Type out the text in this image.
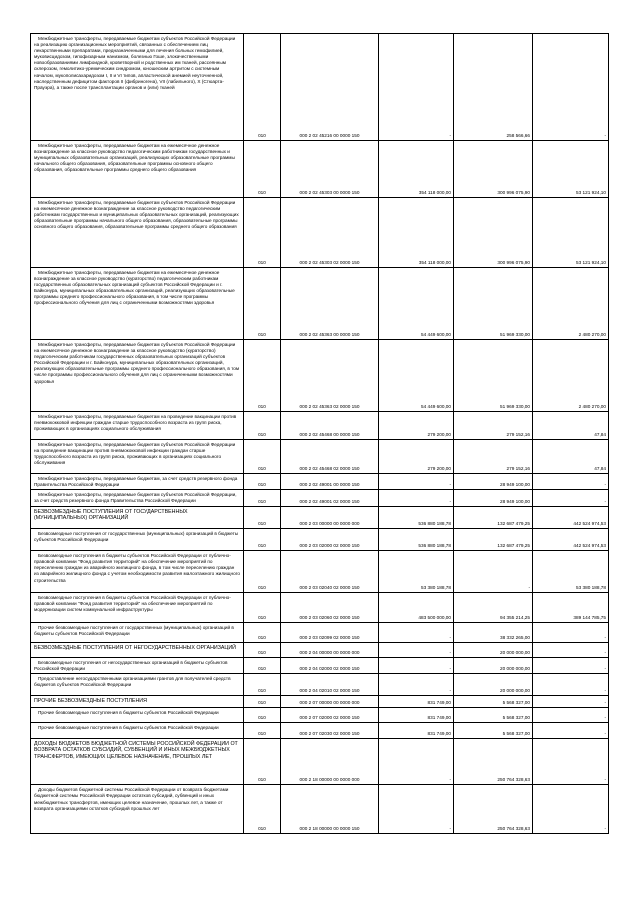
Межбюджетные трансферты, передаваемые бюджетам субъектов Российской Федерации на реализацию организационных мероприятий, связанных с обеспечением лиц лекарственными препаратами, предназначенными для лечения больных гемофилией, муковисцидозом, гипофизарным нанизмом, болезнью Гоше, злокачественными новообразованиями лимфоидной, кроветворной и родственных им тканей, рассеянным склерозом, гемолитико-уремическим синдромом, юношеским артритом с системным началом, мукополисахаридозом I, II и VI типов, апластической анемией неуточненной, наследственным дефицитом факторов II (фибриногена), VII (лабильного), X (Стюарта-Прауэра), а также после трансплантации органов и (или) тканей	010	000 2 02 45216 00 0000 150	-	258 566,66	-

Межбюджетные трансферты, передаваемые бюджетам на ежемесячное денежное вознаграждение за классное руководство педагогическим работникам государственных и муниципальных образовательных организаций, реализующих образовательные программы начального общего образования, образовательные программы основного общего образования, образовательные программы среднего общего образования	010	000 2 02 45303 00 0000 150	354 118 000,00	300 996 075,90	53 121 924,10

Межбюджетные трансферты, передаваемые бюджетам субъектов Российской Федерации на ежемесячное денежное вознаграждение за классное руководство педагогическим работникам государственных и муниципальных образовательных организаций, реализующих образовательные программы начального общего образования, образовательные программы основного общего образования, образовательные программы среднего общего образования	010	000 2 02 45303 02 0000 150	354 118 000,00	300 996 075,90	53 121 924,10

Межбюджетные трансферты, передаваемые бюджетам на ежемесячное денежное вознаграждение за классное руководство (кураторство) педагогическим работникам государственных образовательных организаций субъектов Российской Федерации и г. Байконура, муниципальных образовательных организаций, реализующих образовательные программы среднего профессионального образования, в том числе программы профессионального обучения для лиц с ограниченными возможностями здоровья	010	000 2 02 45363 00 0000 150	54 449 600,00	51 969 330,00	2 480 270,00

Межбюджетные трансферты, передаваемые бюджетам субъектов Российской Федерации на ежемесячное денежное вознаграждение за классное руководство (кураторство) педагогическим работникам государственных образовательных организаций субъектов Российской Федерации и г. Байконура, муниципальных образовательных организаций, реализующих образовательные программы среднего профессионального образования, в том числе программы профессионального обучения для лиц с ограниченными возможностями здоровья	010	000 2 02 45363 02 0000 150	54 449 600,00	51 969 330,00	2 480 270,00

Межбюджетные трансферты, передаваемые бюджетам на проведение вакцинации против пневмококковой инфекции граждан старше трудоспособного возраста из групп риска, проживающих в организациях социального обслуживания	010	000 2 02 45468 00 0000 150	279 200,00	279 152,16	47,84

Межбюджетные трансферты, передаваемые бюджетам субъектов Российской Федерации на проведение вакцинации против пневмококковой инфекции граждан старше трудоспособного возраста из групп риска, проживающих в организациях социального обслуживания	010	000 2 02 45468 02 0000 150	279 200,00	279 152,16	47,84

Межбюджетные трансферты, передаваемые бюджетам, за счет средств резервного фонда Правительства Российской Федерации	010	000 2 02 49001 00 0000 150	-	28 949 100,00	-

Межбюджетные трансферты, передаваемые бюджетам субъектов Российской Федерации, за счет средств резервного фонда Правительства Российской Федерации	010	000 2 02 49001 02 0000 150	-	28 949 100,00	-

БЕЗВОЗМЕЗДНЫЕ ПОСТУПЛЕНИЯ ОТ ГОСУДАРСТВЕННЫХ (МУНИЦИПАЛЬНЫХ) ОРГАНИЗАЦИЙ	010	000 2 03 00000 00 0000 000	536 880 188,78	132 687 479,25	442 524 974,53

Безвозмездные поступления от государственных (муниципальных) организаций в бюджеты субъектов Российской Федерации	010	000 2 03 02000 02 0000 150	536 880 188,78	132 687 479,25	442 524 974,53

Безвозмездные поступления в бюджеты субъектов Российской Федерации от публично-правовой компании "Фонд развития территорий" на обеспечение мероприятий по переселению граждан из аварийного жилищного фонда, в том числе переселению граждан из аварийного жилищного фонда с учетом необходимости развития малоэтажного жилищного строительства	010	000 2 03 02040 02 0000 150	53 380 188,78	-	53 380 188,78

Безвозмездные поступления в бюджеты субъектов Российской Федерации от публично-правовой компании "Фонд развития территорий" на обеспечение мероприятий по модернизации систем коммунальной инфраструктуры	010	000 2 03 02060 02 0000 150	483 500 000,00	94 355 214,25	389 144 785,75

Прочие безвозмездные поступления от государственных (муниципальных) организаций в бюджеты субъектов Российской Федерации	010	000 2 03 02099 02 0000 150	-	38 332 265,00	-

БЕЗВОЗМЕЗДНЫЕ ПОСТУПЛЕНИЯ ОТ НЕГОСУДАРСТВЕННЫХ ОРГАНИЗАЦИЙ	010	000 2 04 00000 00 0000 000	-	20 000 000,00	-

Безвозмездные поступления от негосударственных организаций в бюджеты субъектов Российской Федерации	010	000 2 04 02000 02 0000 150	-	20 000 000,00	-

Предоставление негосударственными организациями грантов для получателей средств бюджетов субъектов Российской Федерации	010	000 2 04 02010 02 0000 150	-	20 000 000,00	-

ПРОЧИЕ БЕЗВОЗМЕЗДНЫЕ ПОСТУПЛЕНИЯ	010	000 2 07 00000 00 0000 000	831 749,00	5 568 327,00	-

Прочие безвозмездные поступления в бюджеты субъектов Российской Федерации	010	000 2 07 02000 02 0000 150	831 749,00	5 568 327,00	-

Прочие безвозмездные поступления в бюджеты субъектов Российской Федерации	010	000 2 07 02030 02 0000 150	831 749,00	5 568 327,00	-

ДОХОДЫ БЮДЖЕТОВ БЮДЖЕТНОЙ СИСТЕМЫ РОССИЙСКОЙ ФЕДЕРАЦИИ ОТ ВОЗВРАТА ОСТАТКОВ СУБСИДИЙ, СУБВЕНЦИЙ И ИНЫХ МЕЖБЮДЖЕТНЫХ ТРАНСФЕРТОВ, ИМЕЮЩИХ ЦЕЛЕВОЕ НАЗНАЧЕНИЕ, ПРОШЛЫХ ЛЕТ	010	000 2 18 00000 00 0000 000	-	250 764 328,63	-

Доходы бюджетов бюджетной системы Российской Федерации от возврата бюджетами бюджетной системы Российской Федерации остатков субсидий, субвенций и иных межбюджетных трансфертов, имеющих целевое назначение, прошлых лет, а также от возврата организациями остатков субсидий прошлых лет	010	000 2 18 00000 00 0000 150	-	250 764 328,63	-
